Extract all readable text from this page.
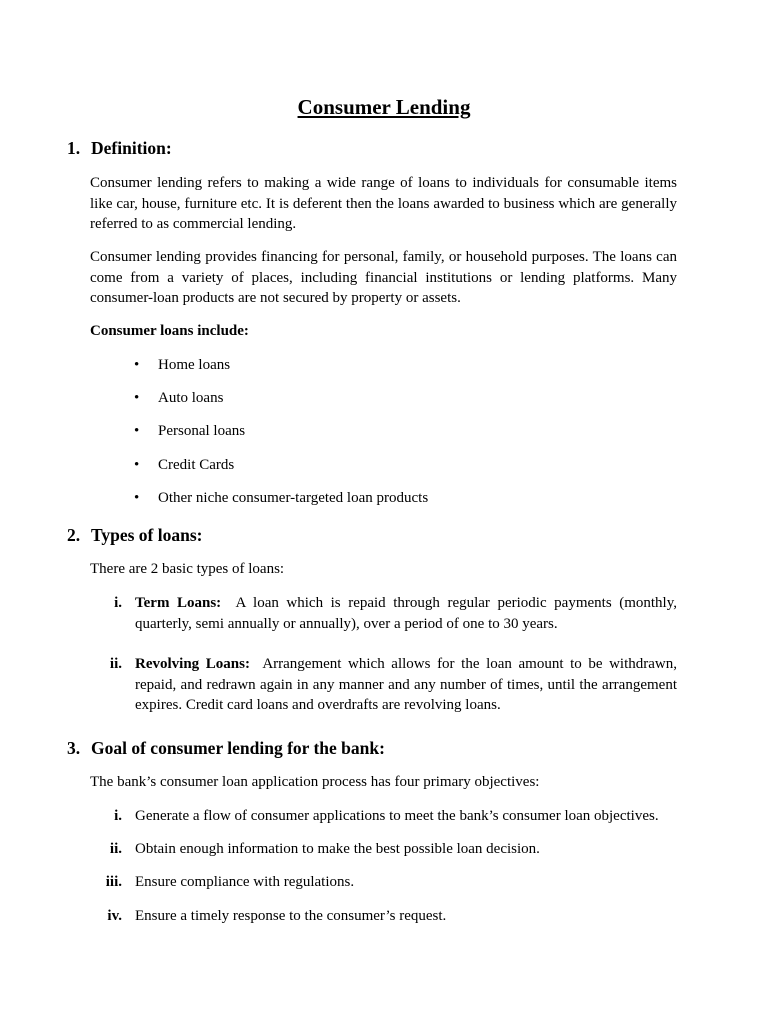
Consumer Lending
1. Definition:
Consumer lending refers to making a wide range of loans to individuals for consumable items like car, house, furniture etc. It is deferent then the loans awarded to business which are generally referred to as commercial lending.
Consumer lending provides financing for personal, family, or household purposes. The loans can come from a variety of places, including financial institutions or lending platforms. Many consumer-loan products are not secured by property or assets.
Consumer loans include:
• Home loans
• Auto loans
• Personal loans
• Credit Cards
• Other niche consumer-targeted loan products
2. Types of loans:
There are 2 basic types of loans:
i. Term Loans: A loan which is repaid through regular periodic payments (monthly, quarterly, semi annually or annually), over a period of one to 30 years.
ii. Revolving Loans: Arrangement which allows for the loan amount to be withdrawn, repaid, and redrawn again in any manner and any number of times, until the arrangement expires. Credit card loans and overdrafts are revolving loans.
3. Goal of consumer lending for the bank:
The bank’s consumer loan application process has four primary objectives:
i. Generate a flow of consumer applications to meet the bank’s consumer loan objectives.
ii. Obtain enough information to make the best possible loan decision.
iii. Ensure compliance with regulations.
iv. Ensure a timely response to the consumer’s request.
